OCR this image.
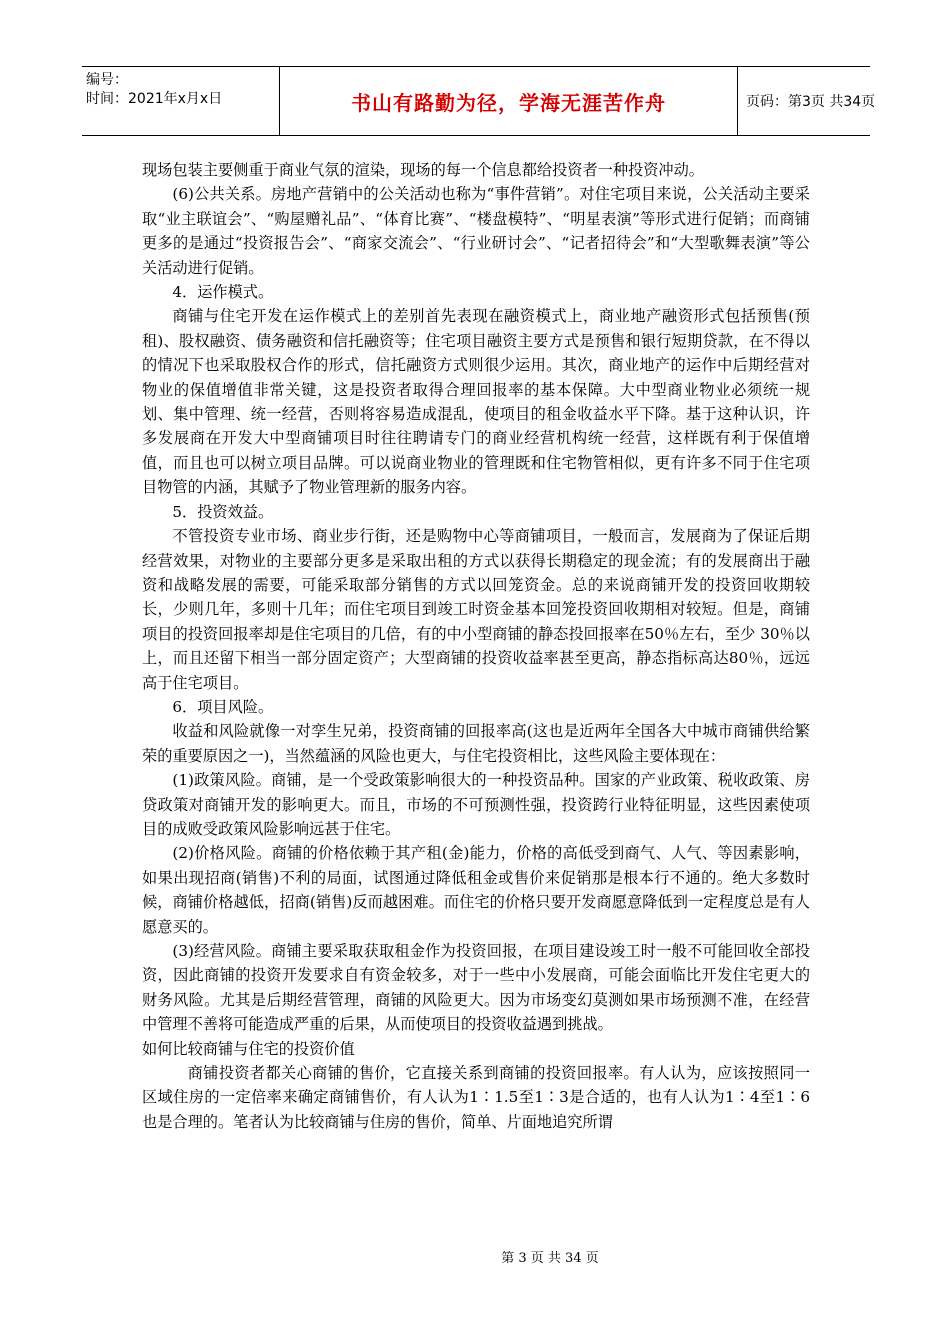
编号：
时间：2021年x月x日	书山有路勤为径，学海无涯苦作舟	页码：第3页 共34页

现场包装主要侧重于商业气氛的渲染，现场的每一个信息都给投资者一种投资冲动。

(6)公共关系。房地产营销中的公关活动也称为“事件营销”。对住宅项目来说，公关活动主要采取“业主联谊会”、“购屋赠礼品”、“体育比赛”、“楼盘模特”、“明星表演”等形式进行促销；而商铺更多的是通过“投资报告会”、“商家交流会”、“行业研讨会”、“记者招待会”和“大型歌舞表演”等公关活动进行促销。

4．运作模式。

商铺与住宅开发在运作模式上的差别首先表现在融资模式上，商业地产融资形式包括预售(预租)、股权融资、债务融资和信托融资等；住宅项目融资主要方式是预售和银行短期贷款，在不得以的情况下也采取股权合作的形式，信托融资方式则很少运用。其次，商业地产的运作中后期经营对物业的保值增值非常关键，这是投资者取得合理回报率的基本保障。大中型商业物业必须统一规划、集中管理、统一经营，否则将容易造成混乱，使项目的租金收益水平下降。基于这种认识，许多发展商在开发大中型商铺项目时往往聘请专门的商业经营机构统一经营，这样既有利于保值增值，而且也可以树立项目品牌。可以说商业物业的管理既和住宅物管相似，更有许多不同于住宅项目物管的内涵，其赋予了物业管理新的服务内容。

5．投资效益。

不管投资专业市场、商业步行街，还是购物中心等商铺项目，一般而言，发展商为了保证后期经营效果，对物业的主要部分更多是采取出租的方式以获得长期稳定的现金流；有的发展商出于融资和战略发展的需要，可能采取部分销售的方式以回笼资金。总的来说商铺开发的投资回收期较长，少则几年，多则十几年；而住宅项目到竣工时资金基本回笼投资回收期相对较短。但是，商铺项目的投资回报率却是住宅项目的几倍，有的中小型商铺的静态投回报率在50％左右，至少 30％以上，而且还留下相当一部分固定资产；大型商铺的投资收益率甚至更高，静态指标高达80％，远远高于住宅项目。

6．项目风险。

收益和风险就像一对孪生兄弟，投资商铺的回报率高(这也是近两年全国各大中城市商铺供给繁荣的重要原因之一)，当然蕴涵的风险也更大，与住宅投资相比，这些风险主要体现在：

(1)政策风险。商铺，是一个受政策影响很大的一种投资品种。国家的产业政策、税收政策、房贷政策对商铺开发的影响更大。而且，市场的不可预测性强，投资跨行业特征明显，这些因素使项目的成败受政策风险影响远甚于住宅。

(2)价格风险。商铺的价格依赖于其产租(金)能力，价格的高低受到商气、人气、等因素影响，如果出现招商(销售)不利的局面，试图通过降低租金或售价来促销那是根本行不通的。绝大多数时候，商铺价格越低，招商(销售)反而越困难。而住宅的价格只要开发商愿意降低到一定程度总是有人愿意买的。

(3)经营风险。商铺主要采取获取租金作为投资回报，在项目建设竣工时一般不可能回收全部投资，因此商铺的投资开发要求自有资金较多，对于一些中小发展商，可能会面临比开发住宅更大的财务风险。尤其是后期经营管理，商铺的风险更大。因为市场变幻莫测如果市场预测不准，在经营中管理不善将可能造成严重的后果，从而使项目的投资收益遇到挑战。

如何比较商铺与住宅的投资价值

商铺投资者都关心商铺的售价，它直接关系到商铺的投资回报率。有人认为，应该按照同一区域住房的一定倍率来确定商铺售价，有人认为1∶1.5至1∶3是合适的，也有人认为1∶4至1∶6也是合理的。笔者认为比较商铺与住房的售价，简单、片面地追究所谓

第 3 页 共 34 页
